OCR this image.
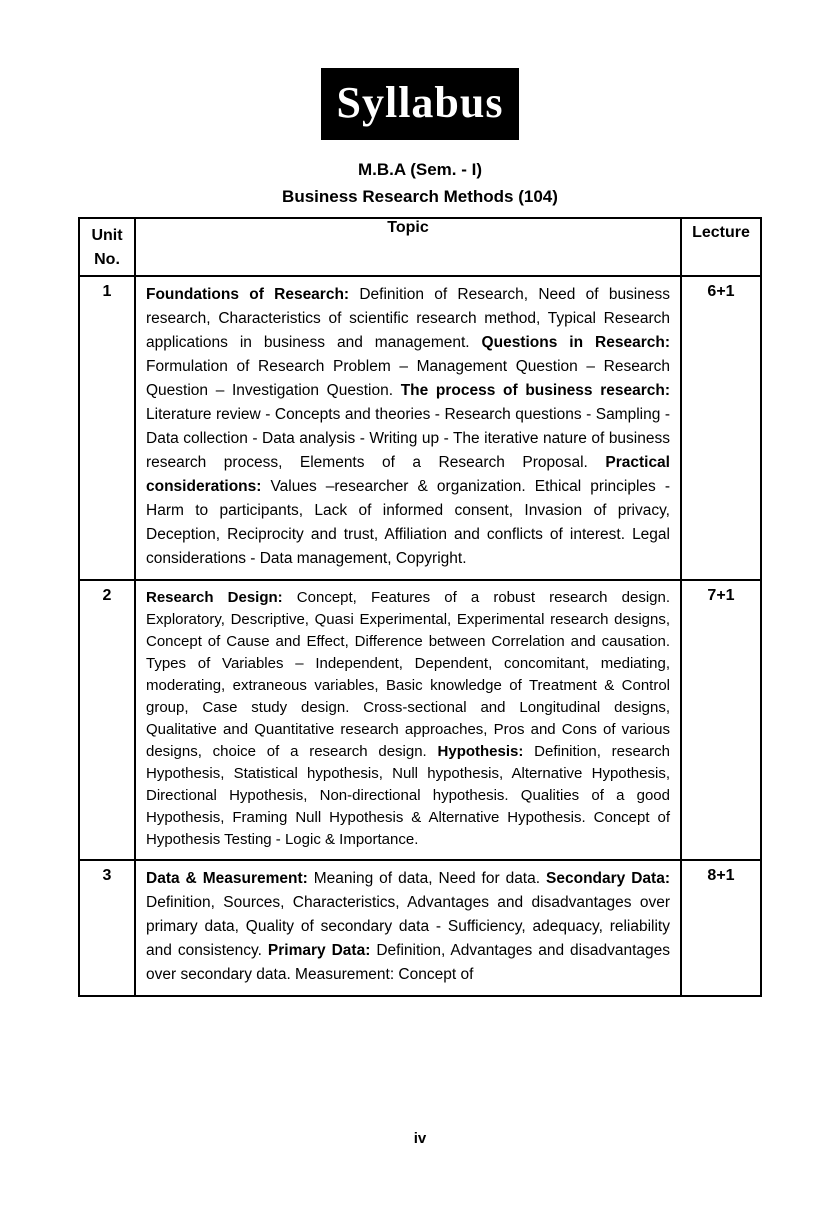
Syllabus
M.B.A (Sem. - I)
Business Research Methods (104)
Unit
No.	Topic	Lecture
1	Foundations of Research: Definition of Research, Need of business research, Characteristics of scientific research method, Typical Research applications in business and management. Questions in Research: Formulation of Research Problem – Management Question – Research Question – Investigation Question. The process of business research: Literature review - Concepts and theories - Research questions - Sampling - Data collection - Data analysis - Writing up - The iterative nature of business research process, Elements of a Research Proposal. Practical considerations: Values –researcher & organization. Ethical principles - Harm to participants, Lack of informed consent, Invasion of privacy, Deception, Reciprocity and trust, Affiliation and conflicts of interest. Legal considerations - Data management, Copyright.	6+1
2	Research Design: Concept, Features of a robust research design. Exploratory, Descriptive, Quasi Experimental, Experimental research designs, Concept of Cause and Effect, Difference between Correlation and causation. Types of Variables – Independent, Dependent, concomitant, mediating, moderating, extraneous variables, Basic knowledge of Treatment & Control group, Case study design. Cross-sectional and Longitudinal designs, Qualitative and Quantitative research approaches, Pros and Cons of various designs, choice of a research design. Hypothesis: Definition, research Hypothesis, Statistical hypothesis, Null hypothesis, Alternative Hypothesis, Directional Hypothesis, Non-directional hypothesis. Qualities of a good Hypothesis, Framing Null Hypothesis & Alternative Hypothesis. Concept of Hypothesis Testing - Logic & Importance.	7+1
3	Data & Measurement: Meaning of data, Need for data. Secondary Data: Definition, Sources, Characteristics, Advantages and disadvantages over primary data, Quality of secondary data - Sufficiency, adequacy, reliability and consistency. Primary Data: Definition, Advantages and disadvantages over secondary data. Measurement: Concept of	8+1
iv
